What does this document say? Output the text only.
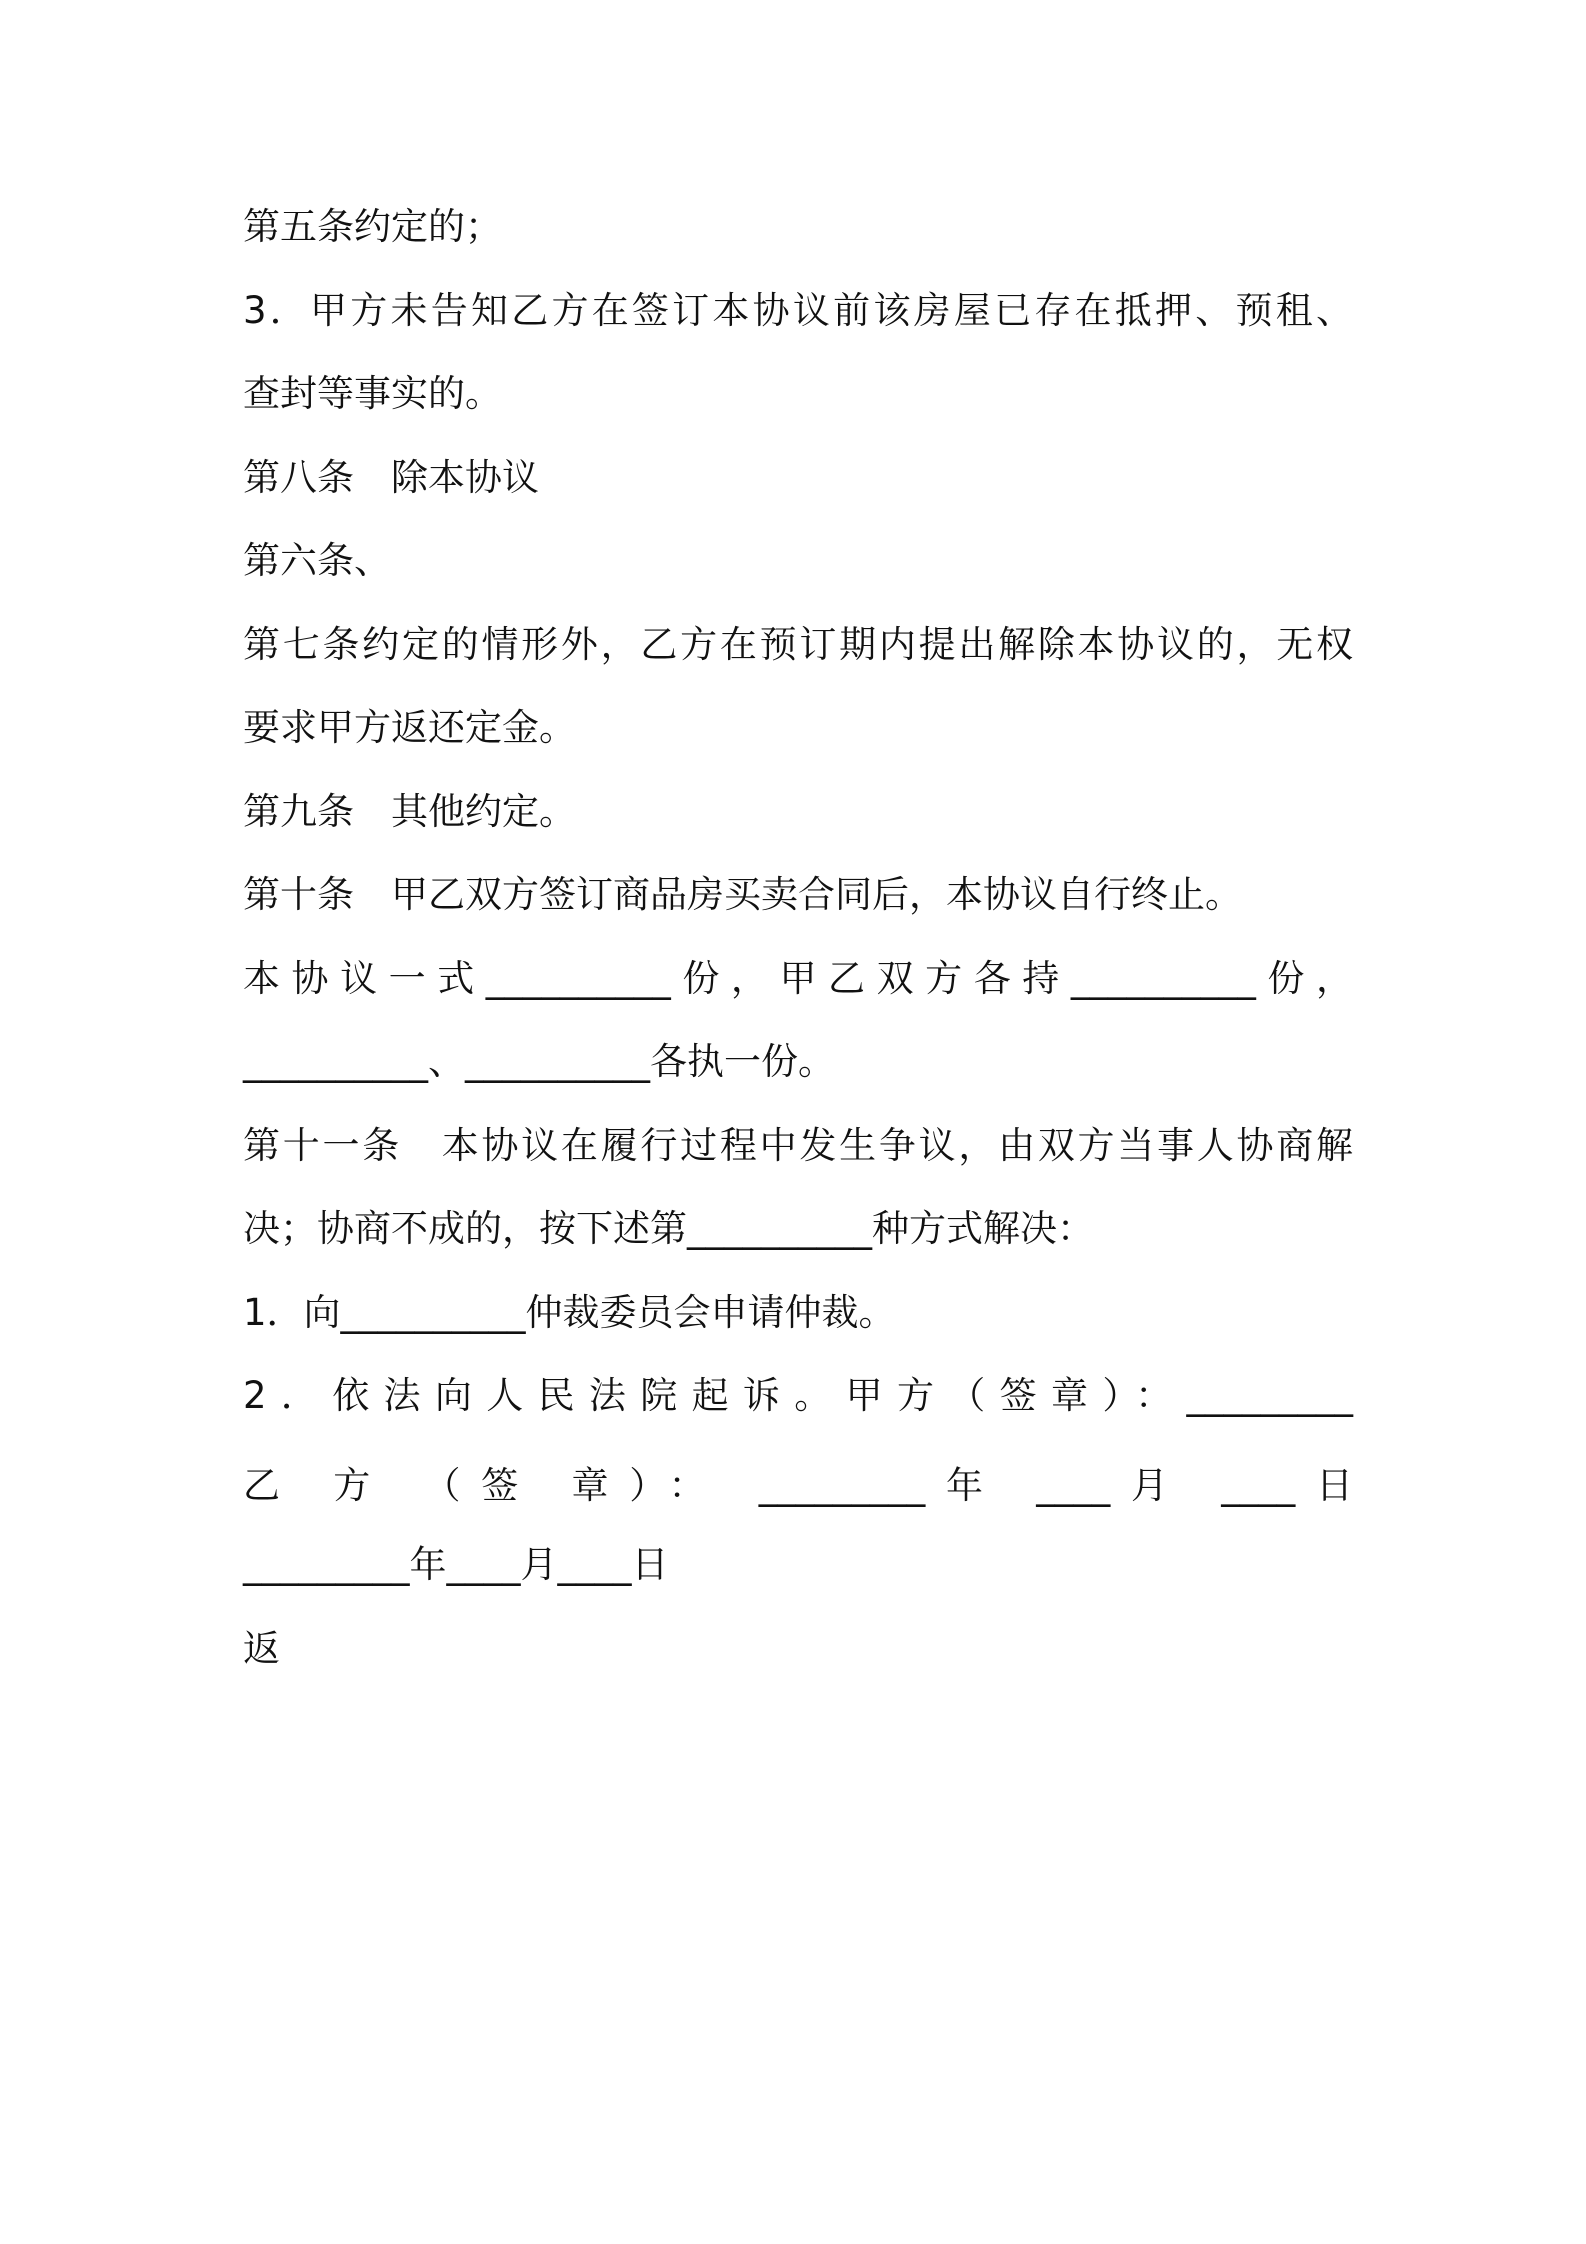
第五条约定的；
3．甲方未告知乙方在签订本协议前该房屋已存在抵押、预租、
查封等事实的。
第八条　除本协议
第六条、
第七条约定的情形外，乙方在预订期内提出解除本协议的，无权
要求甲方返还定金。
第九条　其他约定。
第十条　甲乙双方签订商品房买卖合同后，本协议自行终止。
本协议一式__________份，甲乙双方各持__________份，
__________、__________各执一份。
第十一条　本协议在履行过程中发生争议，由双方当事人协商解
决；协商不成的，按下述第__________种方式解决：
1．向__________仲裁委员会申请仲裁。
2．依法向人民法院起诉。甲方（签章）：_________
乙 方 （签 章）： _________年 ____月 ____日
_________年____月____日
返
